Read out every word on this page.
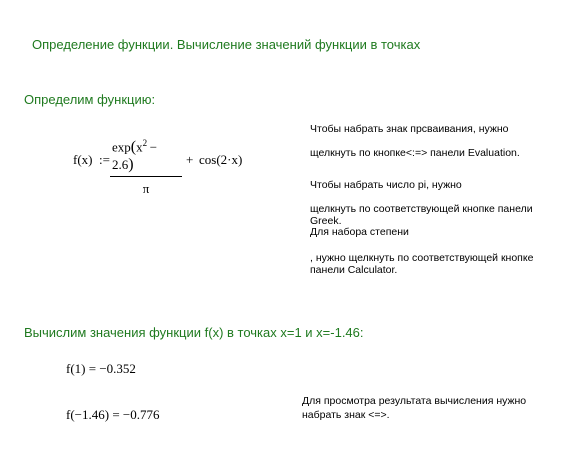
Определение функции. Вычисление значений функции в точках
Определим функцию:
f(x) :=
$\exp(x^2 - 2.6)$
π
+ cos(2·x)
Чтобы набрать знак прсваивания, нужно
щелкнуть по кнопке<:=> панели Evaluation.
Чтобы набрать число pi, нужно
щелкнуть по соответствующей кнопке панели
Greek.
Для набора степени
, нужно щелкнуть по соответствующей кнопке
панели Calculator.
Вычислим значения функции f(x) в точках x=1 и x=-1.46:
f(1) = −0.352
f(−1.46) = −0.776
Для просмотра результата вычисления нужно
набрать знак <=>.
